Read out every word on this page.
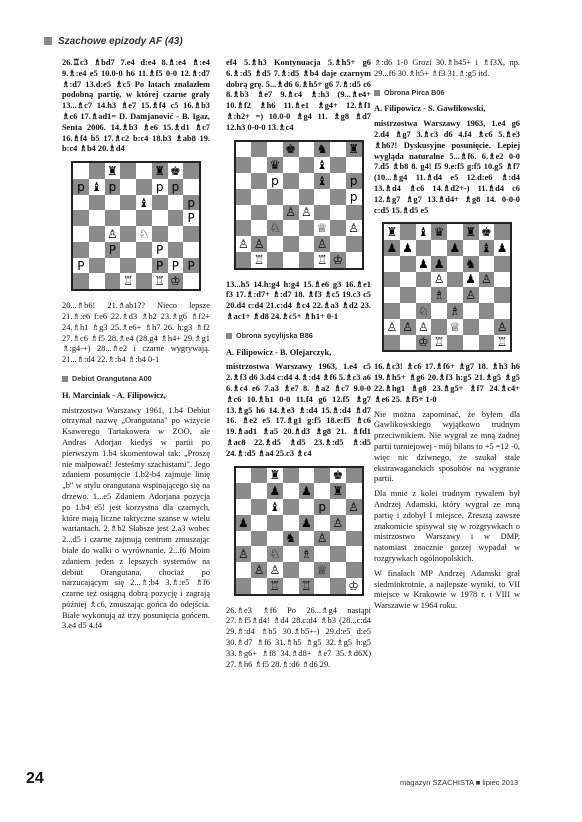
Szachowe epizody AF (43)

26.♖c3 ♗bd7 7.e4 d:e4 8.♗:e4 ♗:e4 9.♗:e4 e5 10.0-0 h6 11.♗f5 0-0 12.♗:d7 ♗:d7 13.d:e5 ♗c5 Po latach znalazłem podobną partię, w której czarne grały 13...♗c7 14.h3 ♗e7 15.♗f4 c5 16.♗b3 ♗c6 17.♗ad1= D. Damjanović - B. Igaz, Senta 2006. 14.♗b3 ♗e6 15.♗d1 ♗c7 16.♗f4 b5 17.♗c2 b:c4 18.b3 ♗ab8 19. b:c4 ♗b4 20.♗d4

♜	♜ ♚
p ♝ p	p p
♝	p
P
♙ ♘
P	P
P	P P P
♖ ♖ ♔

20...♗b6! 21.♗ab1?? Nieco lepsze 21.♗:e6 f:e6 22.♗d3 ♗b2 23.♗g6 ♗f2+ 24.♗h1 ♗g3 25.♗e6+ ♗h7 26. h:g3 ♗f2 27.♗c6 ♗f5 28.♗e4 (28.g4 ♗h4+ 29.♗g1 ♗:g4-+) 28...♗e2 i czarne wygrywają. 21...♗:d4 22.♗:b4 ♗:b4 0-1

Debiut Orangutana A00

H. Marciniak - A. Filipowicz,

mistrzostwa Warszawy 1961, 1.b4 Debiut otrzymał nazwę „Orangutana" po wizycie Ksawerego Tartakowera w ZOO, ale Andras Adorjan kiedyś w partii po pierwszym 1.b4 skomentował tak: „Proszę nie małpować! Jesteśmy szachistami". Jego zdaniem posunięcie 1.b2-b4 zajmuje linię „b" w stylu orangutana wspinającego się na drzewo. 1...e5 Zdaniem Adorjana pozycja po 1.b4 e5! jest korzystna dla czarnych, które mają liczne taktyczne szanse w wielu wariantach. 2.♗b2 Słabsze jest 2.a3 wobec 2...d5 i czarne zajmują centrum zmuszając białe do walki o wyrównanie. 2...f6 Moim zdaniem jeden z lepszych systemów na debiut Orangutana, chociaż po narzucającym się 2...♗:b4 3.♗:e5 ♗f6 czarne też osiągną dobrą pozycję i zagrają później ♗c6, zmuszając gońca do odejścia. Białe wykonują aż trzy posunięcia gońcem. 3.e4 d5 4.f4

ef4 5.♗h3 Kontynuacja 5.♗h5+ g6 6.♗:d5 ♗d5 7.♗:d5 ♗b4 daje czarnym dobrą grę. 5...♗d6 6.♗h5+ g6 7.♗:d5 c6 8.♗b3 ♗e7 9.♗c4 ♗:h3 (9...♗e4+ 10.♗f2 ♗h6 11.♗e1 ♗g4+ 12.♗f1 ♗:h2+ =) 10.0-0 ♗g4 11. ♗g8 ♗d7 12.h3 0-0-0 13.♗c4

♚ ♞ ♜
♛	♝
p	♝ p
p
♙ ♙
♘	♕ ♙
♙ ♙	♙
♖	♖ ♔

13...h5 14.h:g4 h:g4 15.♗e6 g3 16.♗e1 f3 17.♗:d7+ ♗:d7 18. ♗f3 ♗c5 19.c3 c5 20.d4 c:d4 21.c:d4 ♗c4 22.♗a3 ♗d2 23. ♗ac1+ ♗d8 24.♗c5+ ♗h1+ 0-1

Obrona sycylijska B86

A. Filipowicz - B. Olejarczyk,

mistrzostwa Warszawy 1963, 1.e4 c5 2.♗f3 d6 3.d4 c:d4 4.♗:d4 ♗f6 5.♗c3 a6 6.♗c4 e6 7.a3 ♗e7 8. ♗a2 ♗c7 9.0-0 ♗c6 10.♗h1 0-0 11.f4 g6 12.f5 ♗g7 13.♗g5 h6 14.♗e3 ♗:d4 15.♗:d4 ♗d7 16. ♗e2 e5 17.♗g1 g:f5 18.e:f5 ♗c6 19.♗ad1 ♗a5 20.♗d3 ♗g8 21. ♗fd1 ♗ac8 22.♗d5 ♗d5 23.♗:d5 ♗:d5 24.♗:d5 ♗a4 25.c3 ♗c4

♜	♚
♟ ♟ ♜
♝	p ♙
♟	♟ ♙
♞ ♙
♙ ♘ ♗
♙ ♙	♕
♖ ♖	♔

26.♗e3 ♗f6 Po 26...♗g4 nastąpi 27.♗f5♗d4! ♗d4 28.c:d4 ♗b3 (28...c:d4 29.♗:d4 ♗b5 30.♗b5+-) 29.d:e5 d:e5 30.♗d7 ♗f6 31.♗h5 ♗g5 32.♗g5 h:g5 33.♗g6+ ♗f8 34.♗d8+ ♗e7 35.♗d6X) 27.♗h6 ♗f5 28.♗:d6 ♗d6 29.

♗:d6 1-0 Grozi 30.♗h45+ i ♗f3X, np. 29...f6 30.♗h5+ ♗f3 31.♗:g5 itd.

Obrona Pirca B06

A. Filipowicz - S. Gawlikowski,

mistrzostwa Warszawy 1963, 1.e4 g6 2.d4 ♗g7 3.♗c3 d6 4.f4 ♗c6 5.♗e3 ♗h6?! Dyskusyjne posunięcie. Lepiej wygląda naturalne 5...♗f6. 6.♗e2 0-0 7.d5 ♗b8 8. g4! f5 9.e:f5 g:f5 10.g5 ♗f7 (10...♗g4 11.♗d4 e5 12.d:e6 ♗:d4 13.♗d4 ♗c6 14.♗d2+-) 11.♗d4 c6 12.♗g7 ♗g7 13.♗d4+ ♗g8 14. 0-0-0 c:d5 15.♗d5 e5

♜ ♝ ♛ ♜ ♚
♟ ♟	♟ ♝ ♟
♟ ♟ ♞
♙ ♟ ♙
♗ ♙
♘ ♗
♙ ♙ ♙ ♕	♙
♔ ♖	♖

16.♗c3! ♗c6 17.♗f6+ ♗g7 18. ♗h3 h6 19.♗h5+ ♗g6 20.♗f3 h:g5 21.♗g5 ♗g5 22.♗hg1 ♗g8 23.♗g5+ ♗f7 24.♗c4+ ♗e6 25. ♗f5+ 1-0

Nie można zapominać, że byłem dla Gawlikowskiego wyjątkowo trudnym przeciwnikiem. Nie wygrał ze mną żadnej partii turniejowej - mój bilans to +5 =12 -0, więc nic dziwnego, że szukał stale ekstrawaganckich sposobów na wygranie partii.

Dla mnie z kolei trudnym rywalem był Andrzej Adamski, który wygrał ze mną partię i zdobył I miejsce. Zresztą zawsze znakomicie spisywał się w rozgrywkach o mistrzostwo Warszawy i w DMP, natomiast znacznie gorzej wypadał w rozgrywkach ogólnopolskich.

W finałach MP Andrzej Adamski grał siedmiokrotnie, a najlepsze wyniki, to VII miejsce w Krakowie w 1978 r. i VIII w Warszawie w 1964 roku.

24	magazyn SZACHISTA ■ lipiec 2013
